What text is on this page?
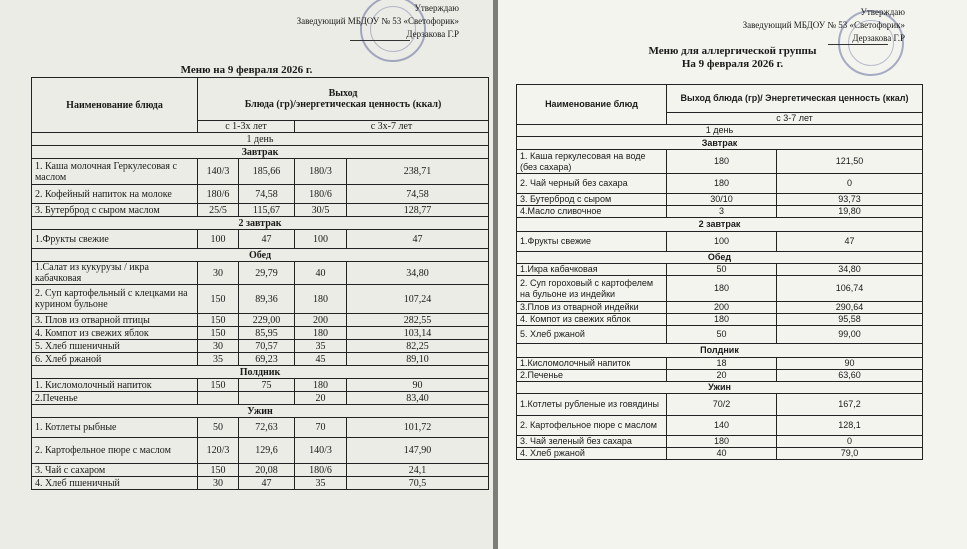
Утверждаю
Заведующий МБДОУ № 53 «Светофорик»
Дерзакова Г.Р
Меню на 9 февраля 2026 г.
Наименование блюда	Выход
Блюда (гр)/энергетическая ценность (ккал)			

	с 1-3х лет		с 3х-7 лет	
1 день				
Завтрак				
1. Каша молочная Геркулесовая с маслом	140/3	185,66	180/3	238,71
2. Кофейный напиток на молоке	180/6	74,58	180/6	74,58
3. Бутерброд с сыром маслом	25/5	115,67	30/5	128,77
2 завтрак				
1.Фрукты свежие	100	47	100	47
Обед				
1.Салат из кукурузы / икра кабачковая	30	29,79	40	34,80
2. Суп картофельный с клецками на курином бульоне	150	89,36	180	107,24
3. Плов из отварной птицы	150	229,00	200	282,55
4. Компот из свежих яблок	150	85,95	180	103,14
5. Хлеб пшеничный	30	70,57	35	82,25
6. Хлеб ржаной	35	69,23	45	89,10
Полдник				
1. Кисломолочный напиток	150	75	180	90
2.Печенье			20	83,40
Ужин				
1. Котлеты рыбные	50	72,63	70	101,72
2. Картофельное пюре с маслом	120/3	129,6	140/3	147,90
3. Чай с сахаром	150	20,08	180/6	24,1
4. Хлеб пшеничный	30	47	35	70,5
Утверждаю
Заведующий МБДОУ № 53 «Светофорик»
Дерзакова Г.Р
Меню для аллергической группы
На 9 февраля 2026 г.
Наименование блюд	Выход блюда (гр)/ Энергетическая ценность (ккал)	
	с 3-7 лет	
1 день		
Завтрак		
1. Каша геркулесовая на воде (без сахара)	180	121,50
2. Чай черный без сахара	180	0
3. Бутерброд с сыром	30/10	93,73
4.Масло сливочное	3	19,80
2 завтрак		
1.Фрукты свежие	100	47
Обед		
1.Икра кабачковая	50	34,80
2. Суп гороховый с картофелем на бульоне из индейки	180	106,74
3.Плов из отварной индейки	200	290,64
4. Компот из свежих яблок	180	95,58
5. Хлеб ржаной	50	99,00
Полдник		
1.Кисломолочный напиток	18	90
2.Печенье	20	63,60
Ужин		
1.Котлеты рубленые из говядины	70/2	167,2
2. Картофельное пюре с маслом	140	128,1
3. Чай зеленый без сахара	180	0
4. Хлеб ржаной	40	79,0
